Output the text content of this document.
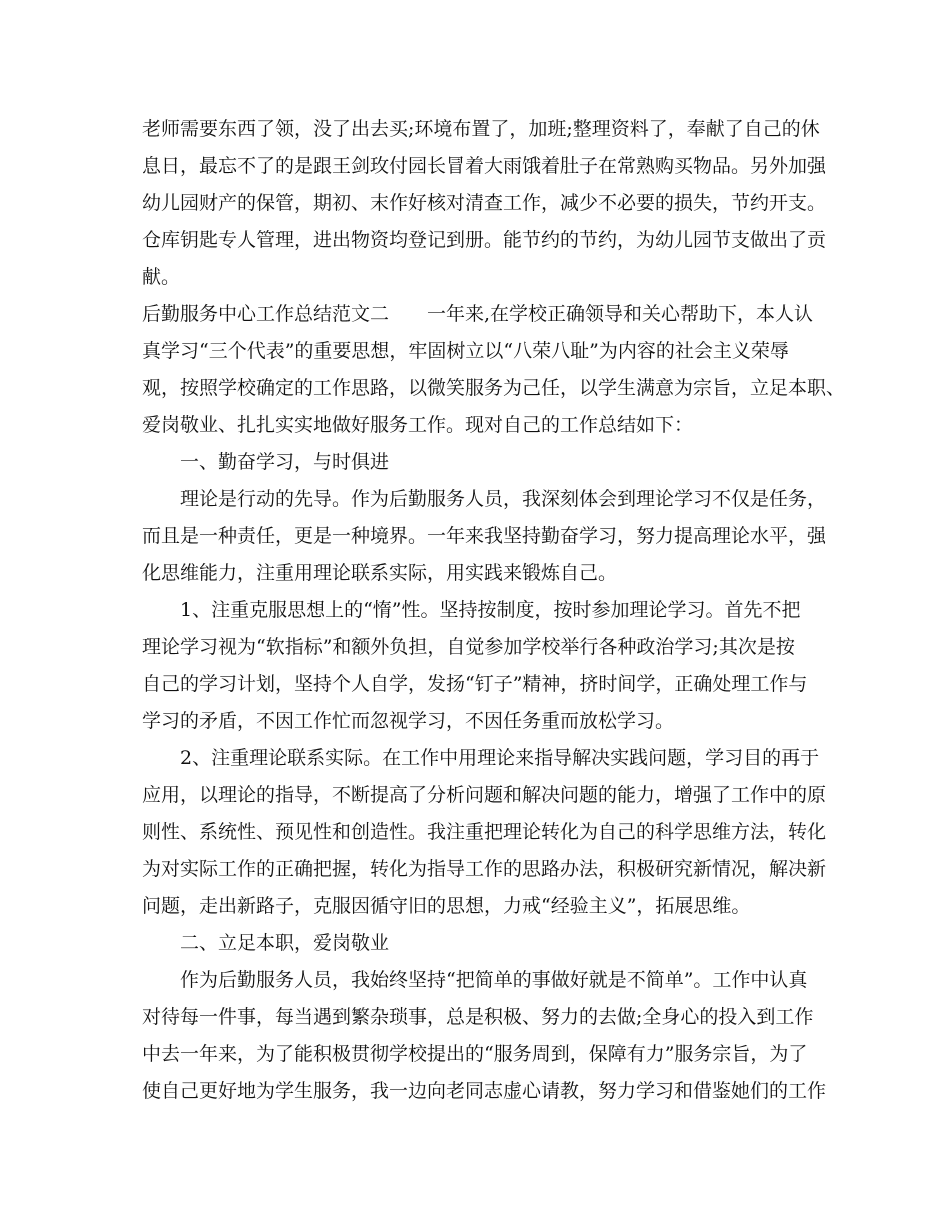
老师需要东西了领，没了出去买;环境布置了，加班;整理资料了，奉献了自己的休
息日，最忘不了的是跟王剑玫付园长冒着大雨饿着肚子在常熟购买物品。另外加强
幼儿园财产的保管，期初、末作好核对清查工作，减少不必要的损失，节约开支。
仓库钥匙专人管理，进出物资均登记到册。能节约的节约，为幼儿园节支做出了贡
献。
后勤服务中心工作总结范文二　　一年来,在学校正确领导和关心帮助下，本人认
真学习“三个代表”的重要思想，牢固树立以“八荣八耻”为内容的社会主义荣辱
观，按照学校确定的工作思路，以微笑服务为己任，以学生满意为宗旨，立足本职、
爱岗敬业、扎扎实实地做好服务工作。现对自己的工作总结如下：
一、勤奋学习，与时俱进
理论是行动的先导。作为后勤服务人员，我深刻体会到理论学习不仅是任务，
而且是一种责任，更是一种境界。一年来我坚持勤奋学习，努力提高理论水平，强
化思维能力，注重用理论联系实际，用实践来锻炼自己。
1、注重克服思想上的“惰”性。坚持按制度，按时参加理论学习。首先不把
理论学习视为“软指标”和额外负担，自觉参加学校举行各种政治学习;其次是按
自己的学习计划，坚持个人自学，发扬“钉子”精神，挤时间学，正确处理工作与
学习的矛盾，不因工作忙而忽视学习，不因任务重而放松学习。
2、注重理论联系实际。在工作中用理论来指导解决实践问题，学习目的再于
应用，以理论的指导，不断提高了分析问题和解决问题的能力，增强了工作中的原
则性、系统性、预见性和创造性。我注重把理论转化为自己的科学思维方法，转化
为对实际工作的正确把握，转化为指导工作的思路办法，积极研究新情况，解决新
问题，走出新路子，克服因循守旧的思想，力戒“经验主义”，拓展思维。
二、立足本职，爱岗敬业
作为后勤服务人员，我始终坚持“把简单的事做好就是不简单”。工作中认真
对待每一件事，每当遇到繁杂琐事，总是积极、努力的去做;全身心的投入到工作
中去一年来，为了能积极贯彻学校提出的“服务周到，保障有力”服务宗旨，为了
使自己更好地为学生服务，我一边向老同志虚心请教，努力学习和借鉴她们的工作
